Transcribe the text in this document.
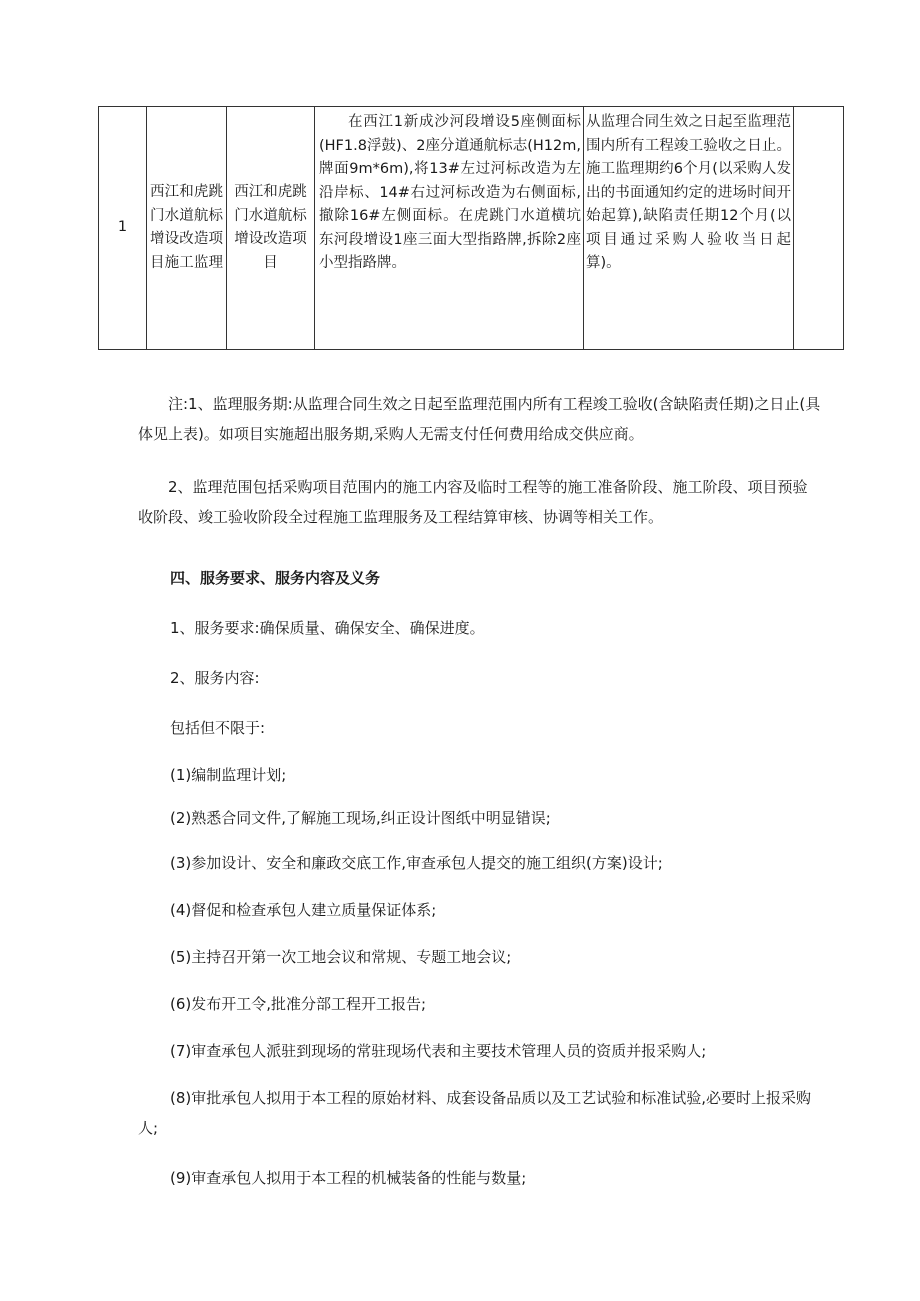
1	西江和虎跳门水道航标增设改造项目施工监理	西江和虎跳门水道航标增设改造项目	在西江1新成沙河段增设5座侧面标(HF1.8浮鼓)、2座分道通航标志(H12m,牌面9m*6m),将13#左过河标改造为左沿岸标、14#右过河标改造为右侧面标,撤除16#左侧面标。在虎跳门水道横坑东河段增设1座三面大型指路牌,拆除2座小型指路牌。	从监理合同生效之日起至监理范围内所有工程竣工验收之日止。施工监理期约6个月(以采购人发出的书面通知约定的进场时间开始起算),缺陷责任期12个月(以项目通过采购人验收当日起算)。	

注:1、监理服务期:从监理合同生效之日起至监理范围内所有工程竣工验收(含缺陷责任期)之日止(具体见上表)。如项目实施超出服务期,采购人无需支付任何费用给成交供应商。

2、监理范围包括采购项目范围内的施工内容及临时工程等的施工准备阶段、施工阶段、项目预验收阶段、竣工验收阶段全过程施工监理服务及工程结算审核、协调等相关工作。

四、服务要求、服务内容及义务

1、服务要求:确保质量、确保安全、确保进度。

2、服务内容:

包括但不限于:

(1)编制监理计划;

(2)熟悉合同文件,了解施工现场,纠正设计图纸中明显错误;

(3)参加设计、安全和廉政交底工作,审查承包人提交的施工组织(方案)设计;

(4)督促和检查承包人建立质量保证体系;

(5)主持召开第一次工地会议和常规、专题工地会议;

(6)发布开工令,批准分部工程开工报告;

(7)审查承包人派驻到现场的常驻现场代表和主要技术管理人员的资质并报采购人;

(8)审批承包人拟用于本工程的原始材料、成套设备品质以及工艺试验和标准试验,必要时上报采购人;

(9)审查承包人拟用于本工程的机械装备的性能与数量;
